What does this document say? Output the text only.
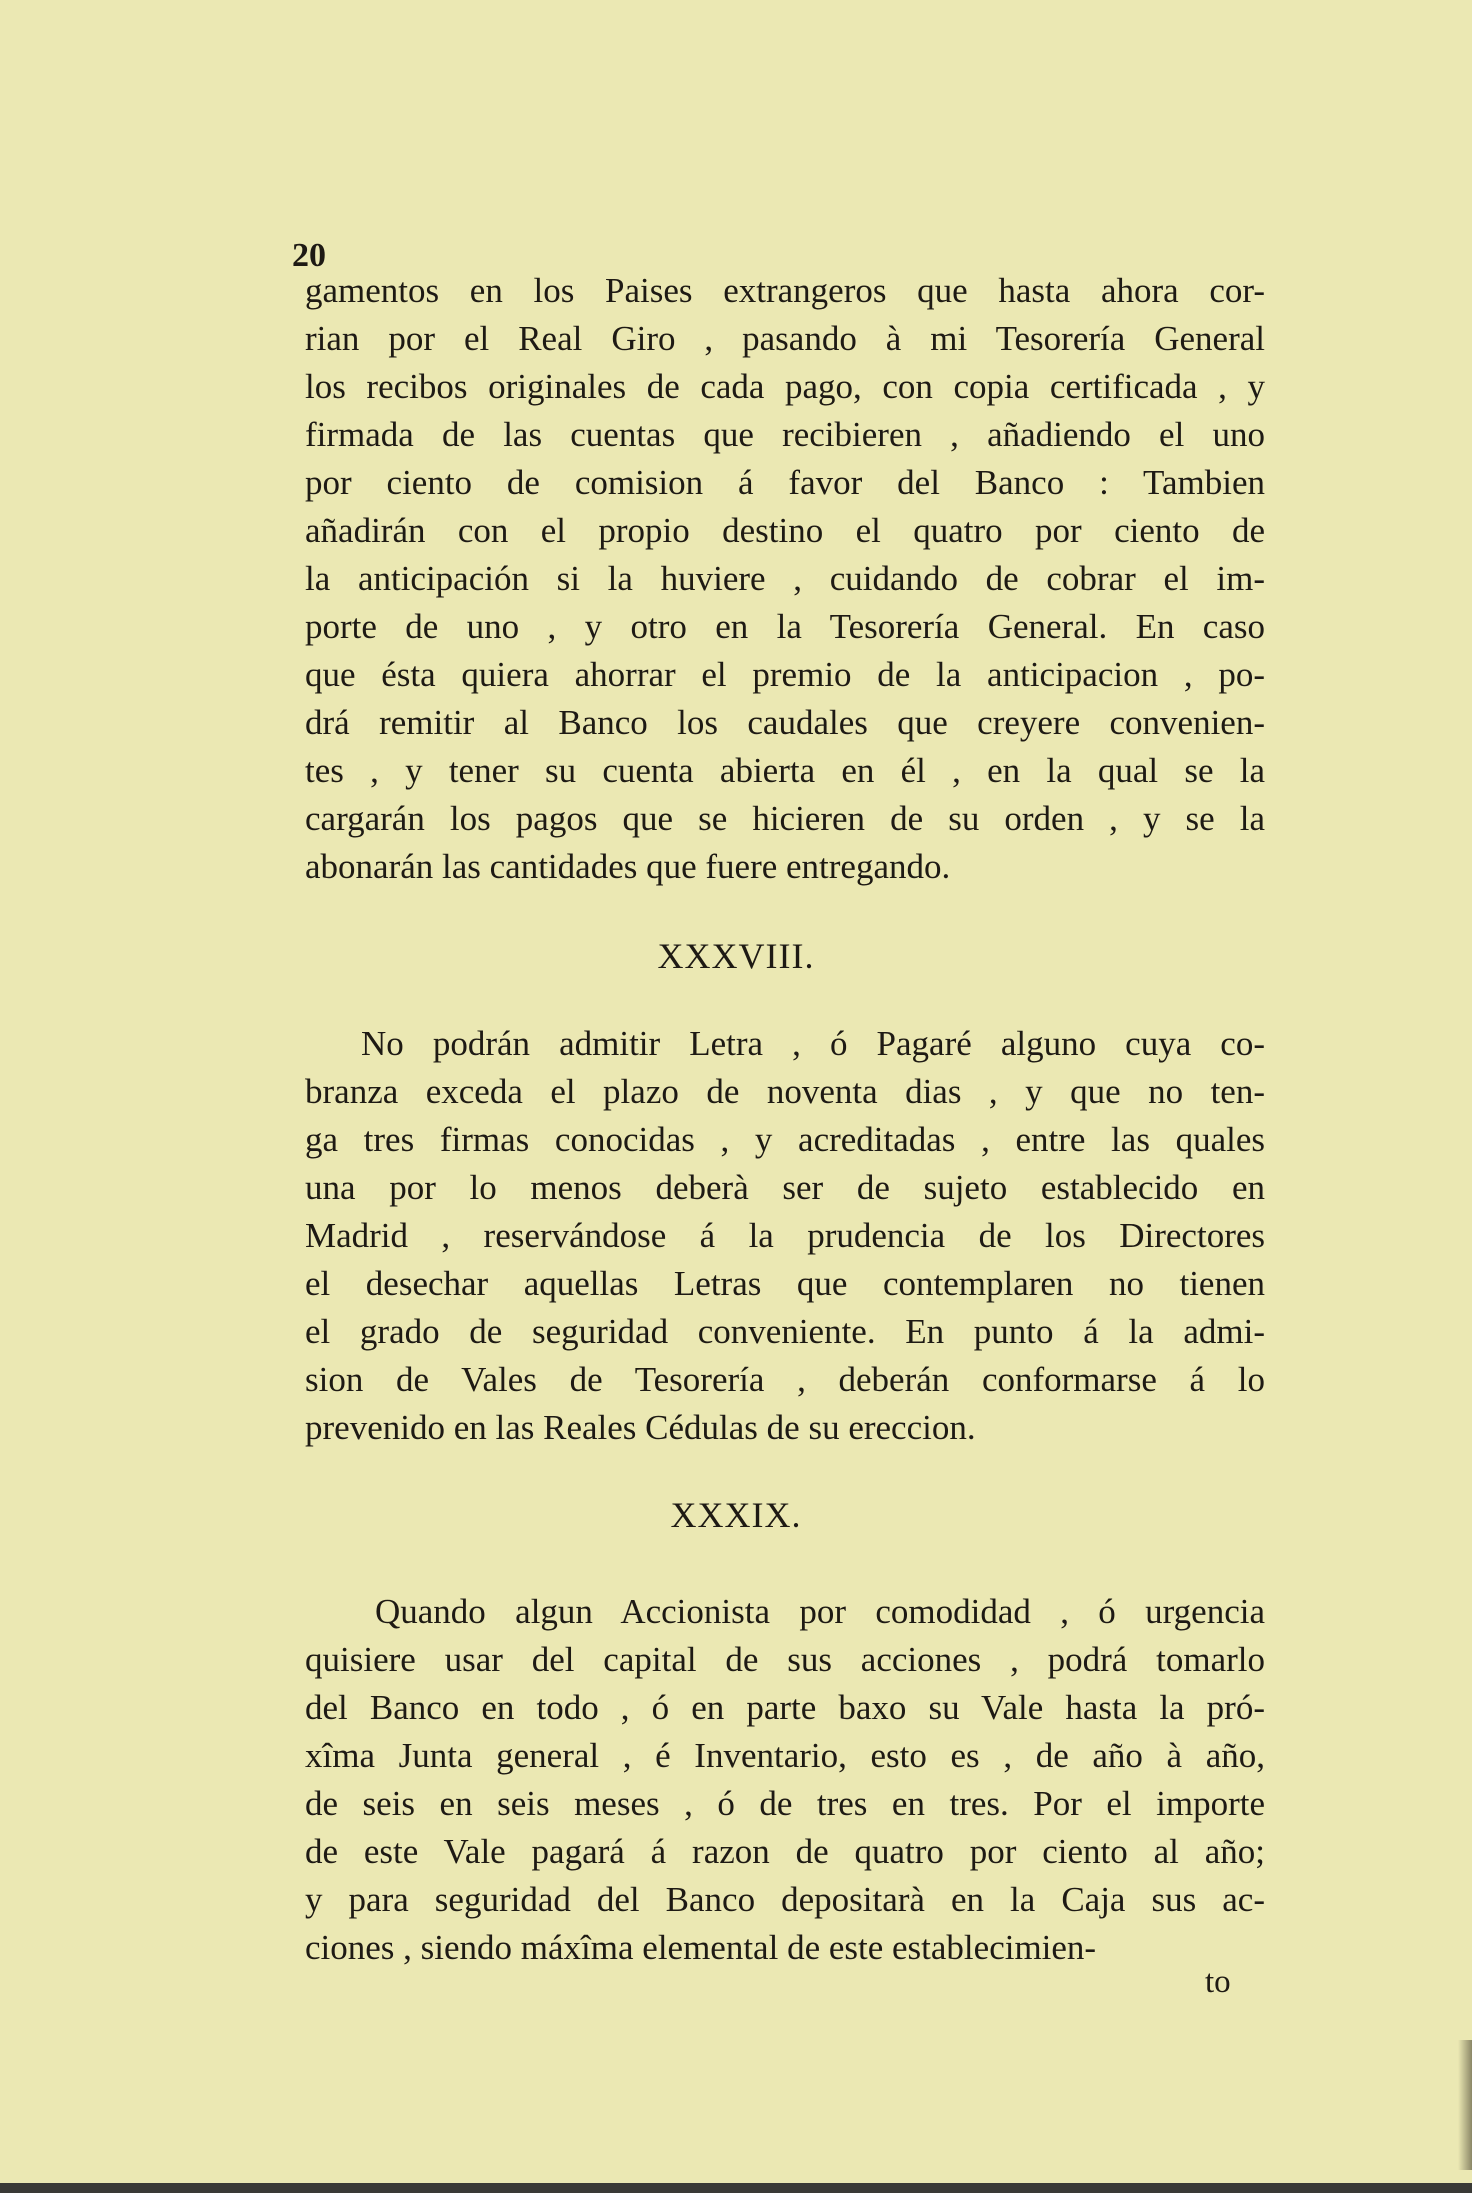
20
gamentos en los Paises extrangeros que hasta ahora cor-
rian por el Real Giro , pasando à mi Tesorería General
los recibos originales de cada pago, con copia certificada , y
firmada de las cuentas que recibieren , añadiendo el uno
por ciento de comision á favor del Banco : Tambien
añadirán con el propio destino el quatro por ciento de
la anticipación si la huviere , cuidando de cobrar el im-
porte de uno , y otro en la Tesorería General. En caso
que ésta quiera ahorrar el premio de la anticipacion , po-
drá remitir al Banco los caudales que creyere convenien-
tes , y tener su cuenta abierta en él , en la qual se la
cargarán los pagos que se hicieren de su orden , y se la
abonarán las cantidades que fuere entregando.
XXXVIII.
No podrán admitir Letra , ó Pagaré alguno cuya co-
branza exceda el plazo de noventa dias , y que no ten-
ga tres firmas conocidas , y acreditadas , entre las quales
una por lo menos deberà ser de sujeto establecido en
Madrid , reservándose á la prudencia de los Directores
el desechar aquellas Letras que contemplaren no tienen
el grado de seguridad conveniente. En punto á la admi-
sion de Vales de Tesorería , deberán conformarse á lo
prevenido en las Reales Cédulas de su ereccion.
XXXIX.
Quando algun Accionista por comodidad , ó urgencia
quisiere usar del capital de sus acciones , podrá tomarlo
del Banco en todo , ó en parte baxo su Vale hasta la pró-
xîma Junta general , é Inventario, esto es , de año à año,
de seis en seis meses , ó de tres en tres. Por el importe
de este Vale pagará á razon de quatro por ciento al año;
y para seguridad del Banco depositarà en la Caja sus ac-
ciones , siendo máxîma elemental de este establecimien-
to
